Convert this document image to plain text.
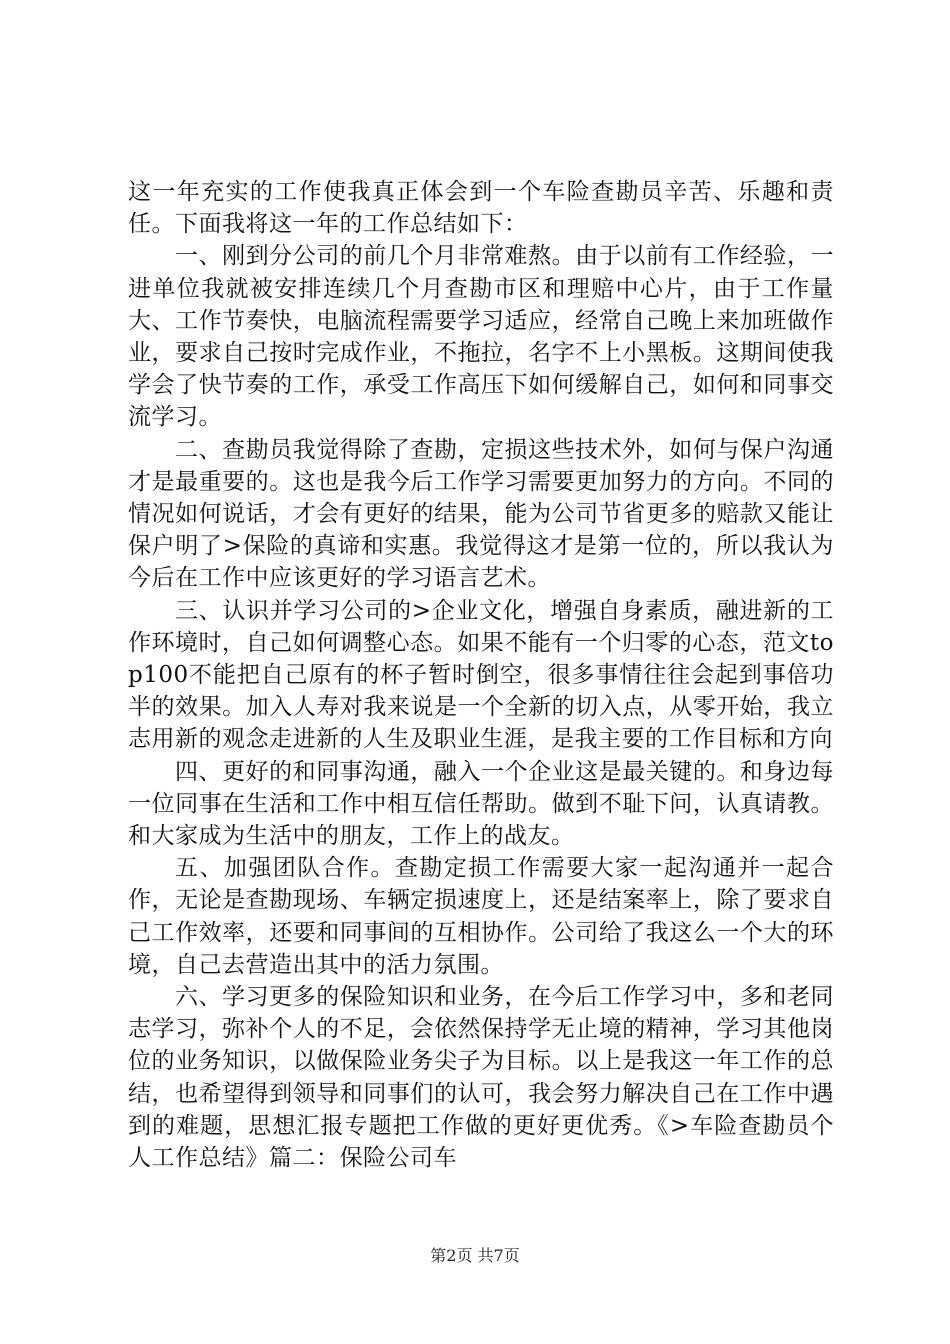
这一年充实的工作使我真正体会到一个车险查勘员辛苦、乐趣和责任。下面我将这一年的工作总结如下：

一、刚到分公司的前几个月非常难熬。由于以前有工作经验，一进单位我就被安排连续几个月查勘市区和理赔中心片，由于工作量大、工作节奏快，电脑流程需要学习适应，经常自己晚上来加班做作业，要求自己按时完成作业，不拖拉，名字不上小黑板。这期间使我学会了快节奏的工作，承受工作高压下如何缓解自己，如何和同事交流学习。

二、查勘员我觉得除了查勘，定损这些技术外，如何与保户沟通才是最重要的。这也是我今后工作学习需要更加努力的方向。不同的情况如何说话，才会有更好的结果，能为公司节省更多的赔款又能让保户明了>保险的真谛和实惠。我觉得这才是第一位的，所以我认为今后在工作中应该更好的学习语言艺术。

三、认识并学习公司的>企业文化，增强自身素质，融进新的工作环境时，自己如何调整心态。如果不能有一个归零的心态，范文top100不能把自己原有的杯子暂时倒空，很多事情往往会起到事倍功半的效果。加入人寿对我来说是一个全新的切入点，从零开始，我立志用新的观念走进新的人生及职业生涯，是我主要的工作目标和方向

四、更好的和同事沟通，融入一个企业这是最关键的。和身边每一位同事在生活和工作中相互信任帮助。做到不耻下问，认真请教。和大家成为生活中的朋友，工作上的战友。

五、加强团队合作。查勘定损工作需要大家一起沟通并一起合作，无论是查勘现场、车辆定损速度上，还是结案率上，除了要求自己工作效率，还要和同事间的互相协作。公司给了我这么一个大的环境，自己去营造出其中的活力氛围。

六、学习更多的保险知识和业务，在今后工作学习中，多和老同志学习，弥补个人的不足，会依然保持学无止境的精神，学习其他岗位的业务知识，以做保险业务尖子为目标。以上是我这一年工作的总结，也希望得到领导和同事们的认可，我会努力解决自己在工作中遇到的难题，思想汇报专题把工作做的更好更优秀。《>车险查勘员个人工作总结》篇二：保险公司车

第2页 共7页
